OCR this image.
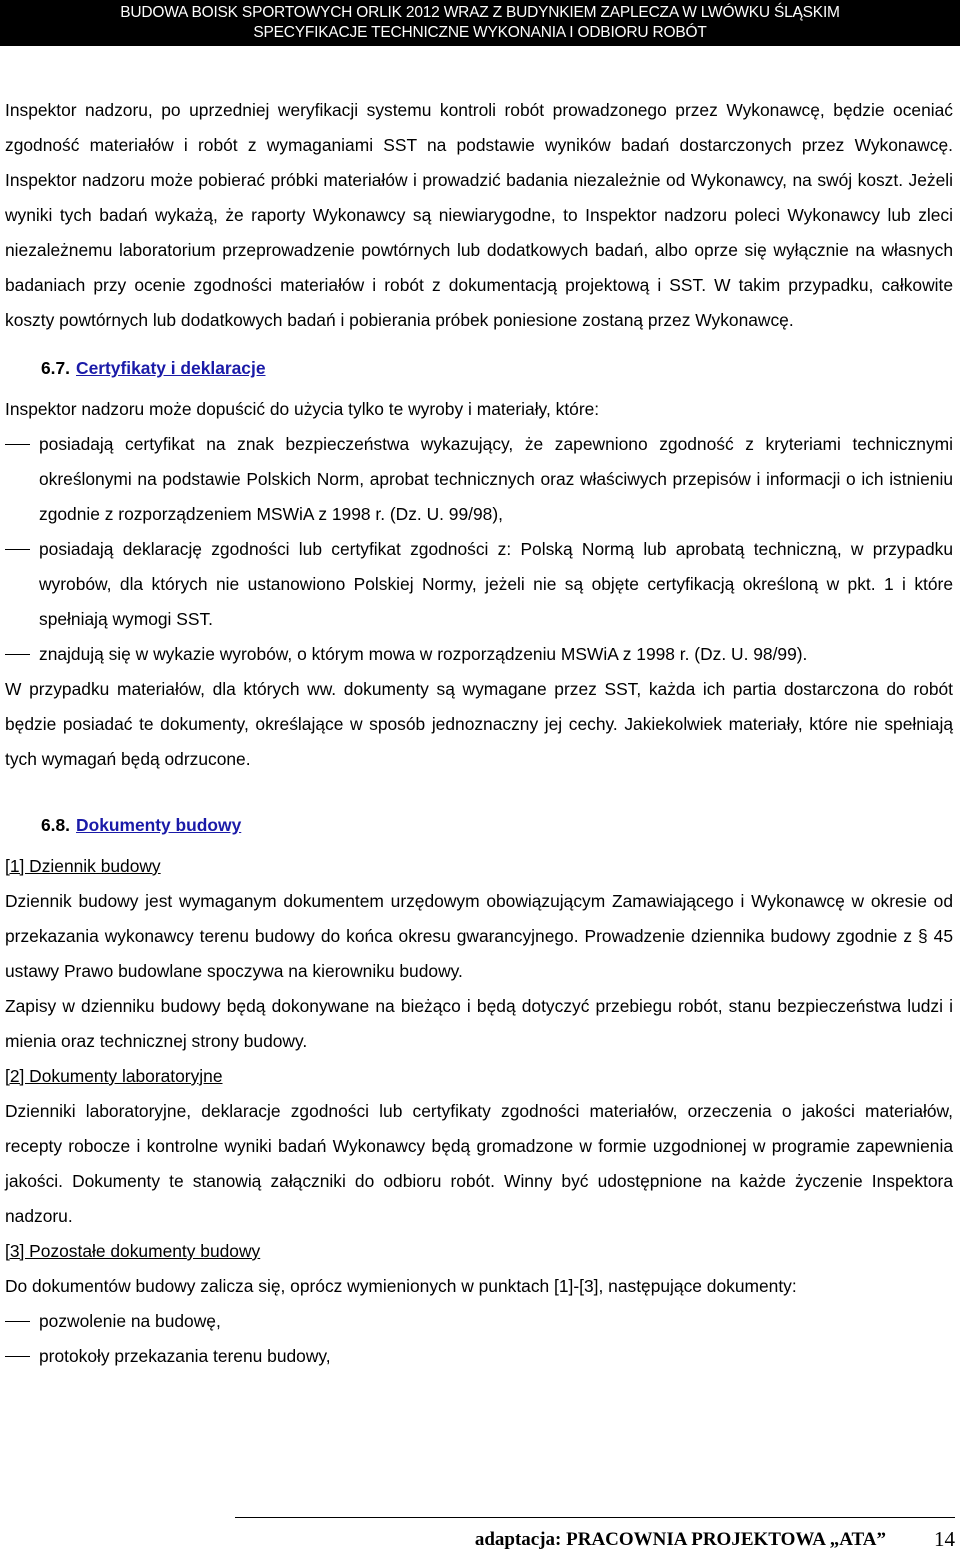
BUDOWA BOISK SPORTOWYCH ORLIK 2012 WRAZ Z BUDYNKIEM ZAPLECZA W LWÓWKU ŚLĄSKIM
SPECYFIKACJE TECHNICZNE WYKONANIA I ODBIORU ROBÓT

Inspektor nadzoru, po uprzedniej weryfikacji systemu kontroli robót prowadzonego przez Wykonawcę, będzie oceniać zgodność materiałów i robót z wymaganiami SST na podstawie wyników badań dostarczonych przez Wykonawcę. Inspektor nadzoru może pobierać próbki materiałów i prowadzić badania niezależnie od Wykonawcy, na swój koszt. Jeżeli wyniki tych badań wykażą, że raporty Wykonawcy są niewiarygodne, to Inspektor nadzoru poleci Wykonawcy lub zleci niezależnemu laboratorium przeprowadzenie powtórnych lub dodatkowych badań, albo oprze się wyłącznie na własnych badaniach przy ocenie zgodności materiałów i robót z dokumentacją projektową i SST. W takim przypadku, całkowite koszty powtórnych lub dodatkowych badań i pobierania próbek poniesione zostaną przez Wykonawcę.

6.7. Certyfikaty i deklaracje

Inspektor nadzoru może dopuścić do użycia tylko te wyroby i materiały, które:

posiadają certyfikat na znak bezpieczeństwa wykazujący, że zapewniono zgodność z kryteriami technicznymi określonymi na podstawie Polskich Norm, aprobat technicznych oraz właściwych przepisów i informacji o ich istnieniu zgodnie z rozporządzeniem MSWiA z 1998 r. (Dz. U. 99/98),
posiadają deklarację zgodności lub certyfikat zgodności z: Polską Normą lub aprobatą techniczną, w przypadku wyrobów, dla których nie ustanowiono Polskiej Normy, jeżeli nie są objęte certyfikacją określoną w pkt. 1 i które spełniają wymogi SST.
znajdują się w wykazie wyrobów, o którym mowa w rozporządzeniu MSWiA z 1998 r. (Dz. U. 98/99).

W przypadku materiałów, dla których ww. dokumenty są wymagane przez SST, każda ich partia dostarczona do robót będzie posiadać te dokumenty, określające w sposób jednoznaczny jej cechy. Jakiekolwiek materiały, które nie spełniają tych wymagań będą odrzucone.

6.8. Dokumenty budowy
[1] Dziennik budowy

Dziennik budowy jest wymaganym dokumentem urzędowym obowiązującym Zamawiającego i Wykonawcę w okresie od przekazania wykonawcy terenu budowy do końca okresu gwarancyjnego. Prowadzenie dziennika budowy zgodnie z § 45 ustawy Prawo budowlane spoczywa na kierowniku budowy.

Zapisy w dzienniku budowy będą dokonywane na bieżąco i będą dotyczyć przebiegu robót, stanu bezpieczeństwa ludzi i mienia oraz technicznej strony budowy.

[2] Dokumenty laboratoryjne

Dzienniki laboratoryjne, deklaracje zgodności lub certyfikaty zgodności materiałów, orzeczenia o jakości materiałów, recepty robocze i kontrolne wyniki badań Wykonawcy będą gromadzone w formie uzgodnionej w programie zapewnienia jakości. Dokumenty te stanowią załączniki do odbioru robót. Winny być udostępnione na każde życzenie Inspektora nadzoru.

[3] Pozostałe dokumenty budowy

Do dokumentów budowy zalicza się, oprócz wymienionych w punktach [1]-[3], następujące dokumenty:

pozwolenie na budowę,
protokoły przekazania terenu budowy,
adaptacja: PRACOWNIA PROJEKTOWA „ATA” 14
